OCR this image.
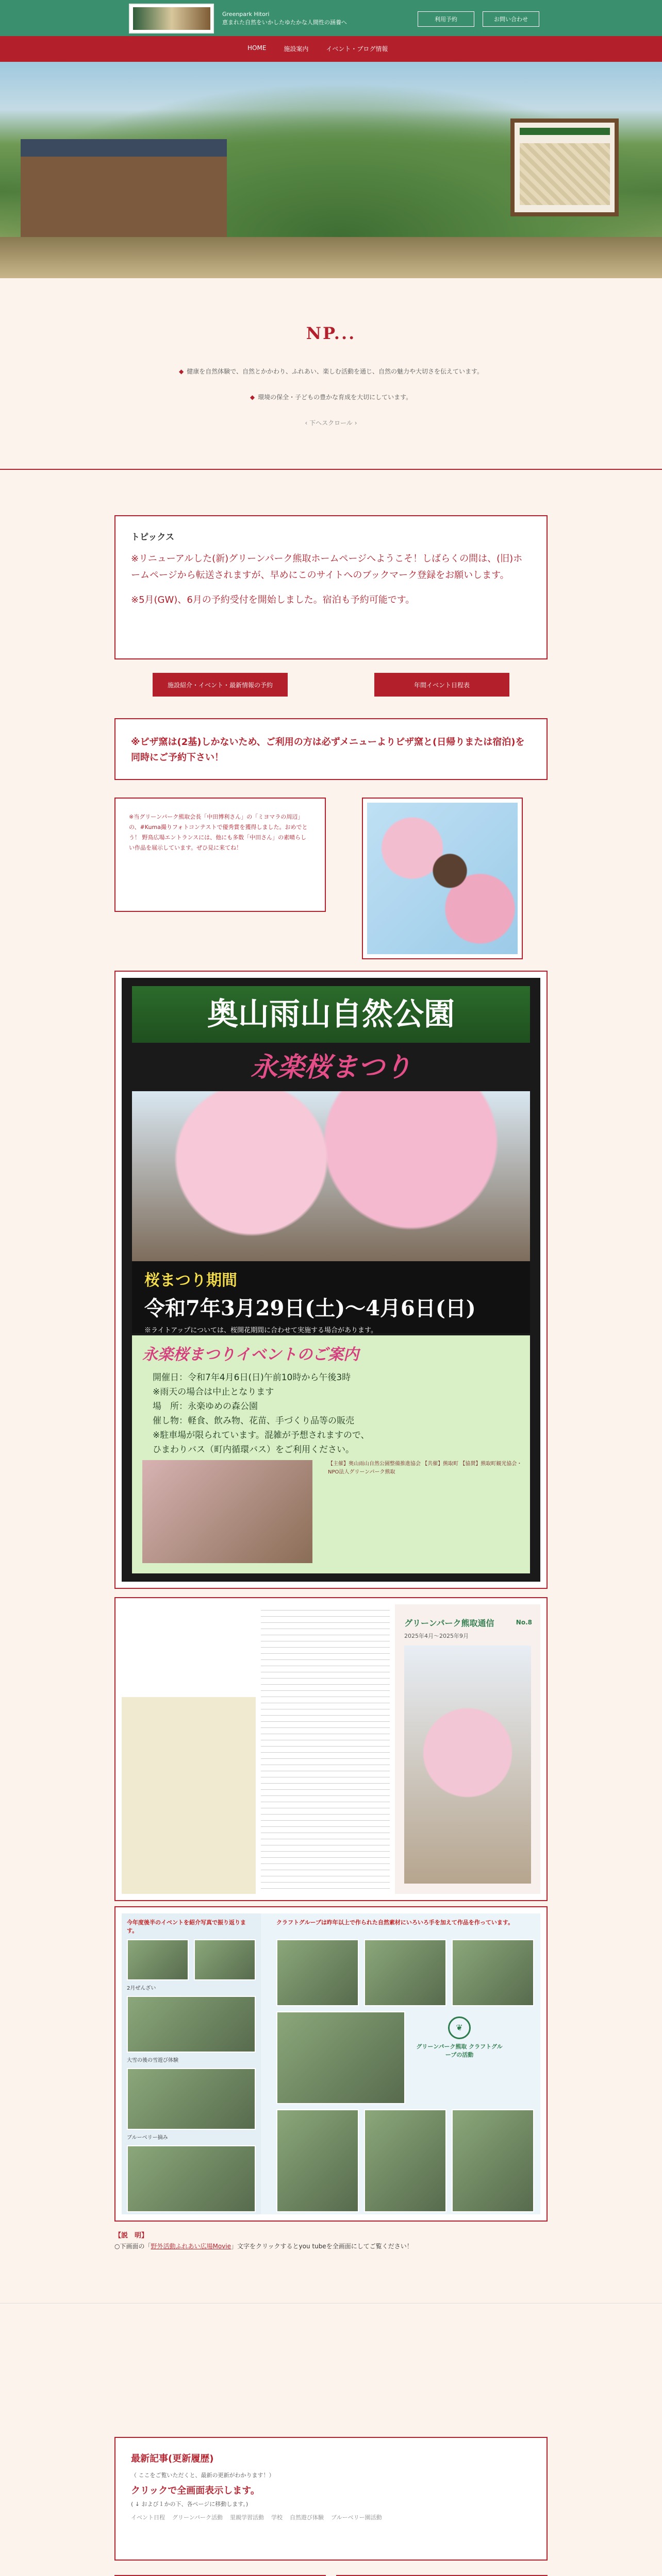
Greenpark Hitori
恵まれた自然をいかしたゆたかな人間性の涵養へ	利用予約	お問い合わせ
HOME	施設案内	イベント・ブログ情報
NP...
◆ 健康を自然体験で、自然とかかわり、ふれあい、楽しむ活動を通じ、自然の魅力や大切さを伝えています。
◆ 環境の保全・子どもの豊かな育成を大切にしています。
‹ 下へスクロール ›
トピックス
※リニューアルした(新)グリーンパーク熊取ホームページへようこそ！しばらくの間は、(旧)ホームページから転送されますが、早めにこのサイトへのブックマーク登録をお願いします。
※5月(GW)、6月の予約受付を開始しました。宿泊も予約可能です。
施設紹介・イベント・最新情報の予約	年間イベント日程表
※ピザ窯は(2基)しかないため、ご利用の方は必ずメニューよりピザ窯と(日帰りまたは宿泊)を同時にご予約下さい！
※当グリーンパーク熊取会長「中田博利さん」の「ミヨマラの周辺」の、#Kuma撮りフォトコンテストで優秀賞を獲得しました。おめでとう！ 野鳥広場エントランスには、他にも多数「中田さん」の素晴らしい作品を展示しています。ぜひ見に来てね！
奥山雨山自然公園
永楽桜まつり
桜まつり期間
令和7年3月29日(土)〜4月6日(日)
※ライトアップについては、桜開花期間に合わせて実施する場合があります。
永楽桜まつりイベントのご案内
開催日：令和7年4月6日(日)午前10時から午後3時
※雨天の場合は中止となります
場　所：永楽ゆめの森公園
催し物：軽食、飲み物、花苗、手づくり品等の販売
※駐車場が限られています。混雑が予想されますので、
ひまわりバス（町内循環バス）をご利用ください。
【主催】奥山雨山自然公園整備推進協会 【共催】熊取町 【協賛】熊取町観光協会・NPO法人グリーンパーク熊取
グリーンパーク熊取通信
2025年4月〜2025年9月
No.8
今年度後半のイベントを紹介写真で振り返ります。
2月ぜんざい
大雪の後の雪遊び体験
ブルーベリー摘み
クラフトグループは昨年以上で作られた自然素材にいろいろ手を加えて作品を作っています。
❦
グリーンパーク熊取 クラフトグループの活動
【説　明】
○下画面の「野外活動ふれあい広場Movie」文字をクリックするとyou tubeを全画面にしてご覧ください！
最新記事(更新履歴)
（ ここをご覧いただくと、最新の更新がわかります！）
クリックで全画面表示します。
( ↓ および１かの下、各ページに移動します。)
イベント日程 グリーンパーク活動 里親学習活動 学校 自然遊び体験 ブルーベリー園活動
